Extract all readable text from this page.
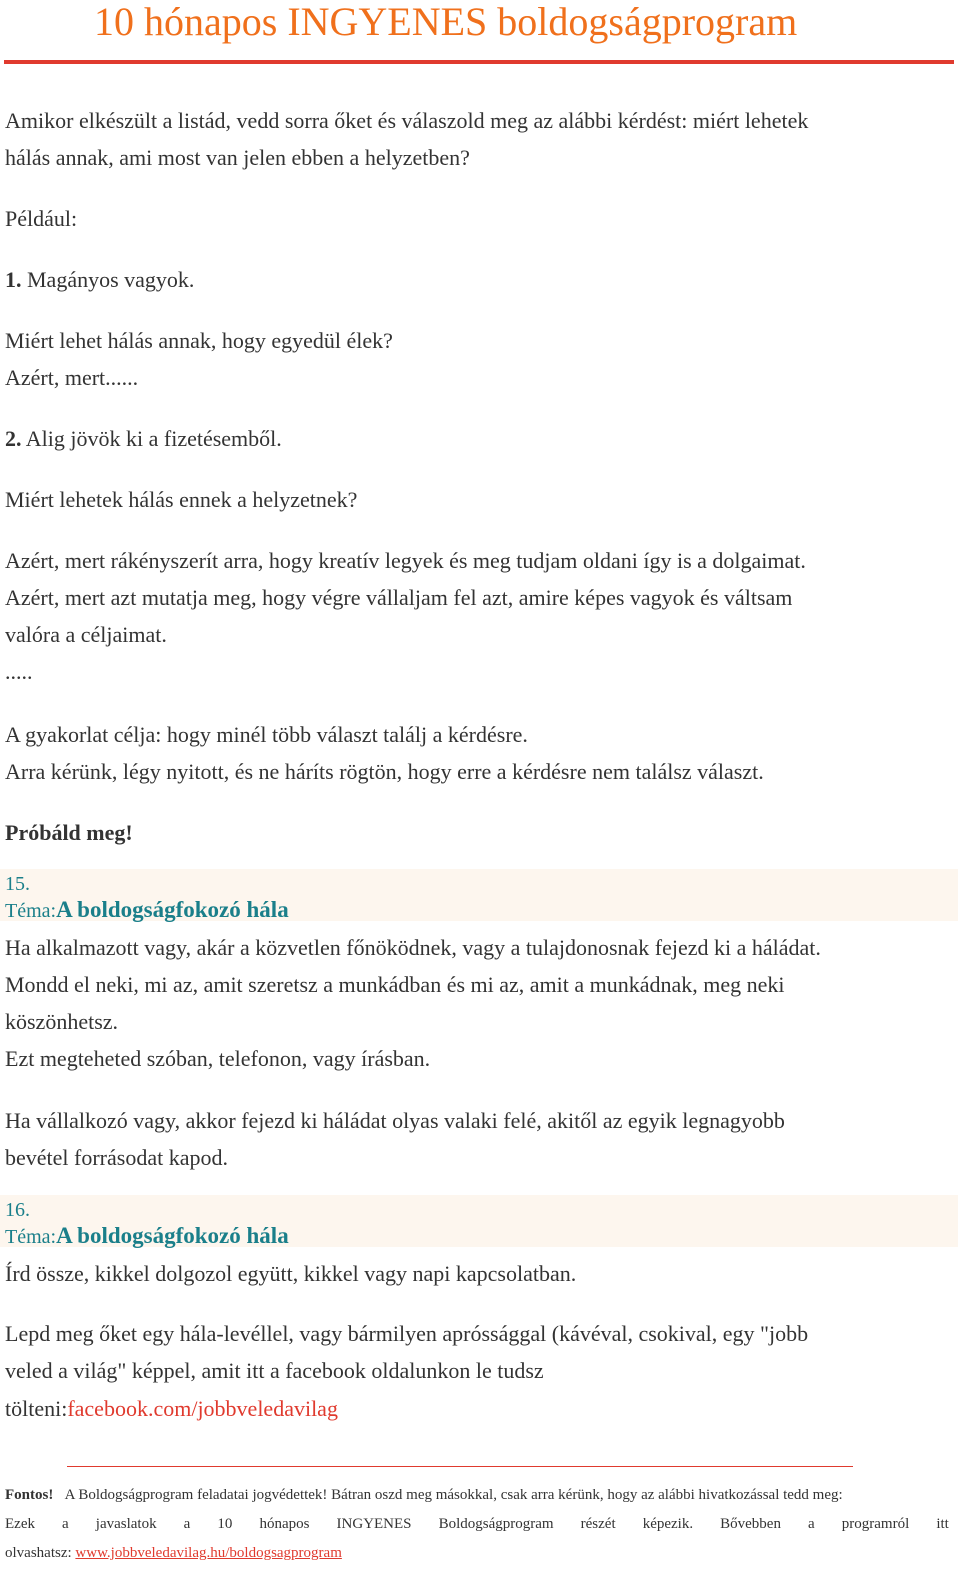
10 hónapos INGYENES boldogságprogram
Amikor elkészült a listád, vedd sorra őket és válaszold meg az alábbi kérdést: miért lehetek
hálás annak, ami most van jelen ebben a helyzetben?
Például:
1. Magányos vagyok.
Miért lehet hálás annak, hogy egyedül élek?
Azért, mert......
2. Alig jövök ki a fizetésemből.
Miért lehetek hálás ennek a helyzetnek?
Azért, mert rákényszerít arra, hogy kreatív legyek és meg tudjam oldani így is a dolgaimat.
Azért, mert azt mutatja meg, hogy végre vállaljam fel azt, amire képes vagyok és váltsam
valóra a céljaimat.
.....
A gyakorlat célja: hogy minél több választ találj a kérdésre.
Arra kérünk, légy nyitott, és ne háríts rögtön, hogy erre a kérdésre nem találsz választ.
Próbáld meg!
15.
Téma:A boldogságfokozó hála
Ha alkalmazott vagy, akár a közvetlen főnöködnek, vagy a tulajdonosnak fejezd ki a háládat.
Mondd el neki, mi az, amit szeretsz a munkádban és mi az, amit a munkádnak, meg neki
köszönhetsz.
Ezt megteheted szóban, telefonon, vagy írásban.
Ha vállalkozó vagy, akkor fejezd ki háládat olyas valaki felé, akitől az egyik legnagyobb
bevétel forrásodat kapod.
16.
Téma:A boldogságfokozó hála
Írd össze, kikkel dolgozol együtt, kikkel vagy napi kapcsolatban.
Lepd meg őket egy hála-levéllel, vagy bármilyen apróssággal (kávéval, csokival, egy "jobb
veled a világ" képpel, amit itt a facebook oldalunkon le tudsz
tölteni:facebook.com/jobbveledavilag
Fontos! A Boldogságprogram feladatai jogvédettek! Bátran oszd meg másokkal, csak arra kérünk, hogy az alábbi hivatkozással tedd meg:
Ezek a javaslatok a 10 hónapos INGYENES Boldogságprogram részét képezik. Bővebben a programról itt
olvashatsz: www.jobbveledavilag.hu/boldogsagprogram
